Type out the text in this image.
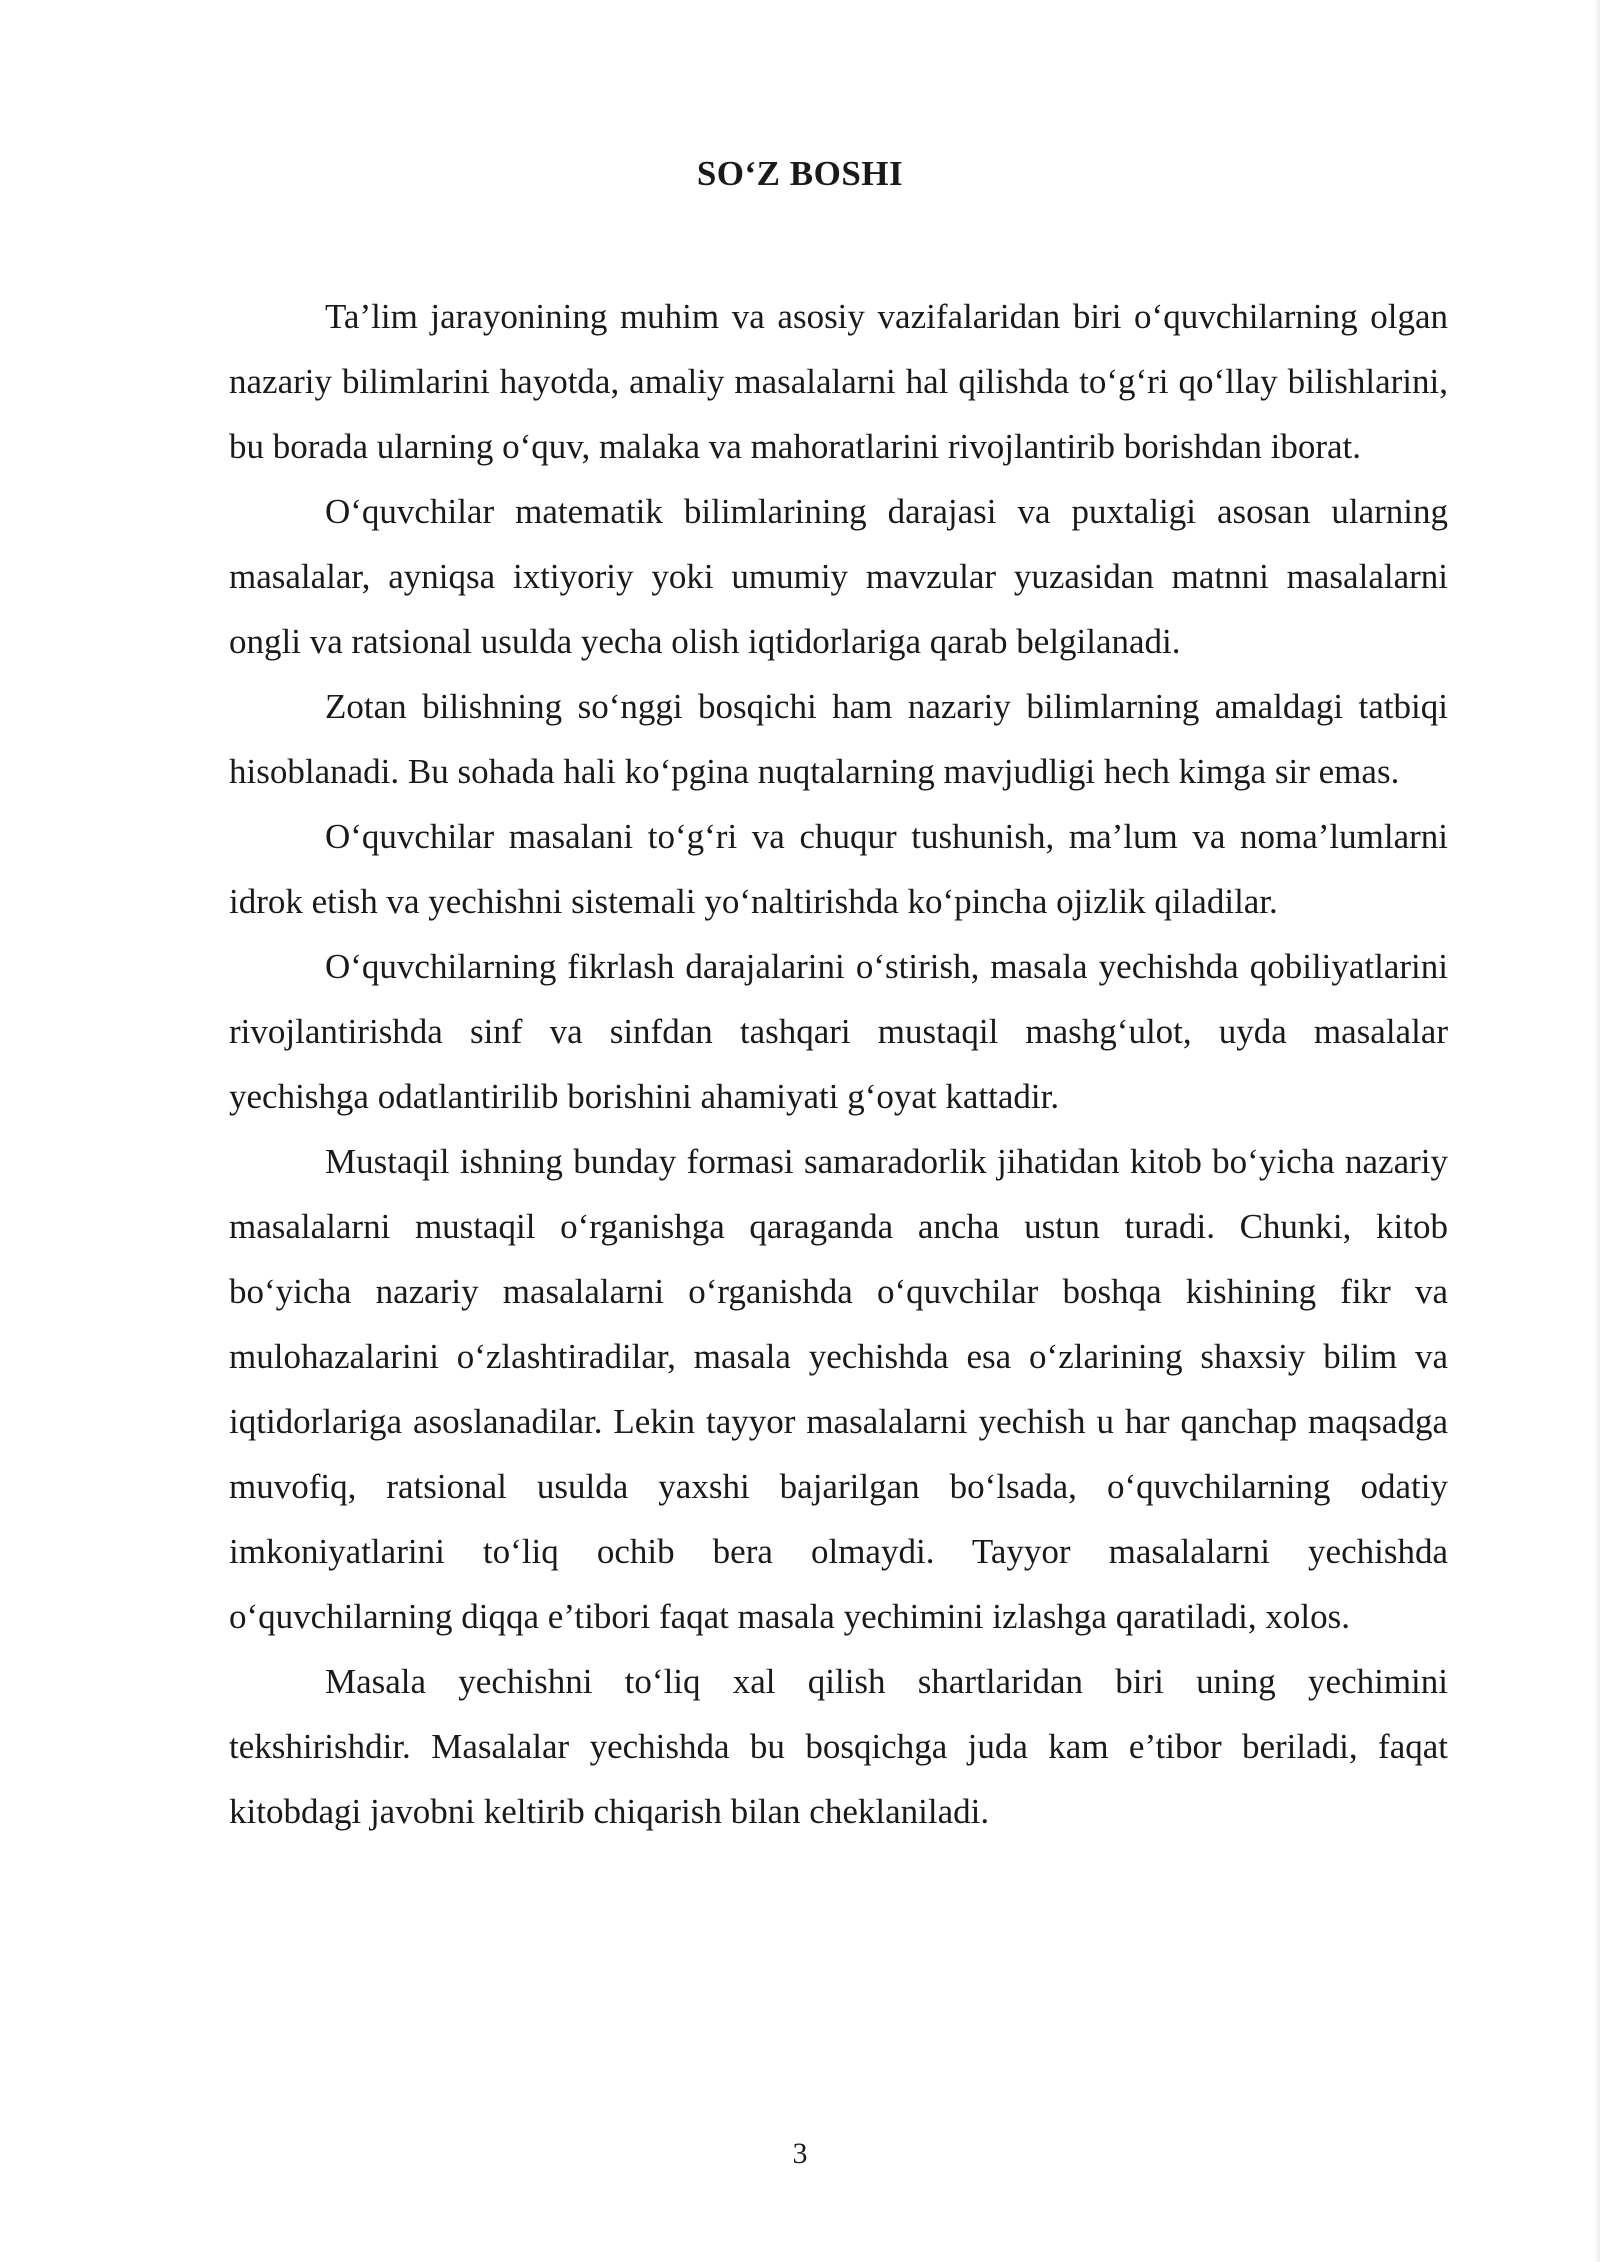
SO‘Z BOSHI

Ta’lim jarayonining muhim va asosiy vazifalaridan biri o‘quvchilarning olgan nazariy bilimlarini hayotda, amaliy masalalarni hal qilishda to‘g‘ri qo‘llay bilishlarini, bu borada ularning o‘quv, malaka va mahoratlarini rivojlantirib borishdan iborat.

O‘quvchilar matematik bilimlarining darajasi va puxtaligi asosan ularning masalalar, ayniqsa ixtiyoriy yoki umumiy mavzular yuzasidan matnni masalalarni ongli va ratsional usulda yecha olish iqtidorlariga qarab belgilanadi.

Zotan bilishning so‘nggi bosqichi ham nazariy bilimlarning amaldagi tatbiqi hisoblanadi. Bu sohada hali ko‘pgina nuqtalarning mavjudligi hech kimga sir emas.

O‘quvchilar masalani to‘g‘ri va chuqur tushunish, ma’lum va noma’lumlarni idrok etish va yechishni sistemali yo‘naltirishda ko‘pincha ojizlik qiladilar.

O‘quvchilarning fikrlash darajalarini o‘stirish, masala yechishda qobiliyatlarini rivojlantirishda sinf va sinfdan tashqari mustaqil mashg‘ulot, uyda masalalar yechishga odatlantirilib borishini ahamiyati g‘oyat kattadir.

Mustaqil ishning bunday formasi samaradorlik jihatidan kitob bo‘yicha nazariy masalalarni mustaqil o‘rganishga qaraganda ancha ustun turadi. Chunki, kitob bo‘yicha nazariy masalalarni o‘rganishda o‘quvchilar boshqa kishining fikr va mulohazalarini o‘zlashtiradilar, masala yechishda esa o‘zlarining shaxsiy bilim va iqtidorlariga asoslanadilar. Lekin tayyor masalalarni yechish u har qanchap maqsadga muvofiq, ratsional usulda yaxshi bajarilgan bo‘lsada, o‘quvchilarning odatiy imkoniyatlarini to‘liq ochib bera olmaydi. Tayyor masalalarni yechishda o‘quvchilarning diqqa e’tibori faqat masala yechimini izlashga qaratiladi, xolos.

Masala yechishni to‘liq xal qilish shartlaridan biri uning yechimini tekshirishdir. Masalalar yechishda bu bosqichga juda kam e’tibor beriladi, faqat kitobdagi javobni keltirib chiqarish bilan cheklaniladi.

3
